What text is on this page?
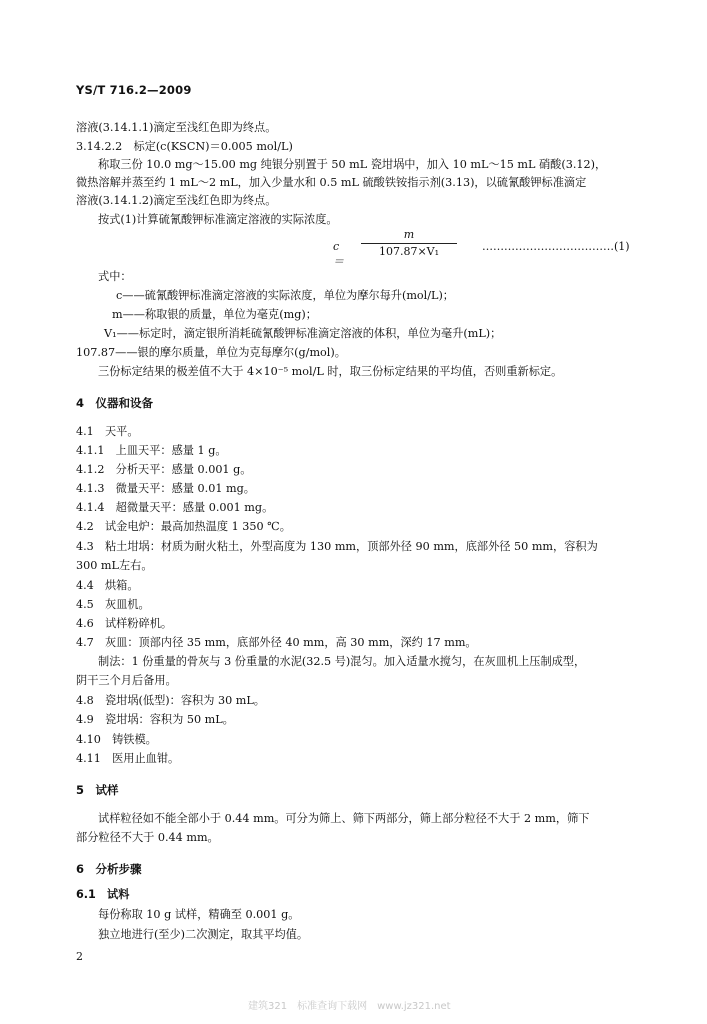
YS/T 716.2—2009
溶液(3.14.1.1)滴定至浅红色即为终点。
3.14.2.2　标定(c(KSCN)＝0.005 mol/L)
称取三份 10.0 mg～15.00 mg 纯银分别置于 50 mL 瓷坩埚中，加入 10 mL～15 mL 硝酸(3.12)，
微热溶解并蒸至约 1 mL～2 mL，加入少量水和 0.5 mL 硫酸铁铵指示剂(3.13)，以硫氰酸钾标准滴定
溶液(3.14.1.2)滴定至浅红色即为终点。
按式(1)计算硫氰酸钾标准滴定溶液的实际浓度。
c＝
m
107.87×V₁	………………………………(1)
式中：
c——硫氰酸钾标准滴定溶液的实际浓度，单位为摩尔每升(mol/L)；
m——称取银的质量，单位为毫克(mg)；
V₁——标定时，滴定银所消耗硫氰酸钾标准滴定溶液的体积，单位为毫升(mL)；
107.87——银的摩尔质量，单位为克每摩尔(g/mol)。
三份标定结果的极差值不大于 4×10⁻⁵ mol/L 时，取三份标定结果的平均值，否则重新标定。
4　仪器和设备
4.1　天平。
4.1.1　上皿天平：感量 1 g。
4.1.2　分析天平：感量 0.001 g。
4.1.3　微量天平：感量 0.01 mg。
4.1.4　超微量天平：感量 0.001 mg。
4.2　试金电炉：最高加热温度 1 350 ℃。
4.3　粘土坩埚：材质为耐火粘土，外型高度为 130 mm，顶部外径 90 mm，底部外径 50 mm，容积为
300 mL左右。
4.4　烘箱。
4.5　灰皿机。
4.6　试样粉碎机。
4.7　灰皿：顶部内径 35 mm，底部外径 40 mm，高 30 mm，深约 17 mm。
制法：1 份重量的骨灰与 3 份重量的水泥(32.5 号)混匀。加入适量水搅匀，在灰皿机上压制成型，
阴干三个月后备用。
4.8　瓷坩埚(低型)：容积为 30 mL。
4.9　瓷坩埚：容积为 50 mL。
4.10　铸铁模。
4.11　医用止血钳。
5　试样
试样粒径如不能全部小于 0.44 mm。可分为筛上、筛下两部分，筛上部分粒径不大于 2 mm，筛下
部分粒径不大于 0.44 mm。
6　分析步骤
6.1　试料
每份称取 10 g 试样，精确至 0.001 g。
独立地进行(至少)二次测定，取其平均值。
2
建筑321　标准查询下载网　www.jz321.net
